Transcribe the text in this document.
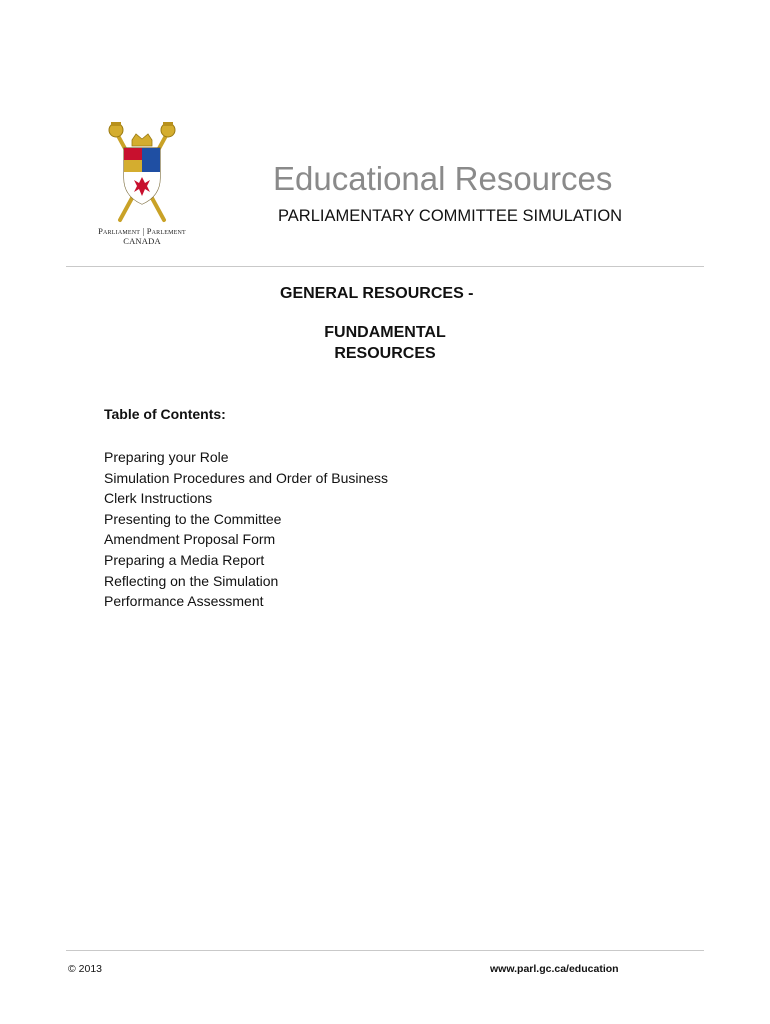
Parliament | Parlement
CANADA
Educational Resources
PARLIAMENTARY COMMITTEE SIMULATION
GENERAL RESOURCES -
FUNDAMENTAL
RESOURCES
Table of Contents:
Preparing your Role
Simulation Procedures and Order of Business
Clerk Instructions
Presenting to the Committee
Amendment Proposal Form
Preparing a Media Report
Reflecting on the Simulation
Performance Assessment
© 2013	www.parl.gc.ca/education
